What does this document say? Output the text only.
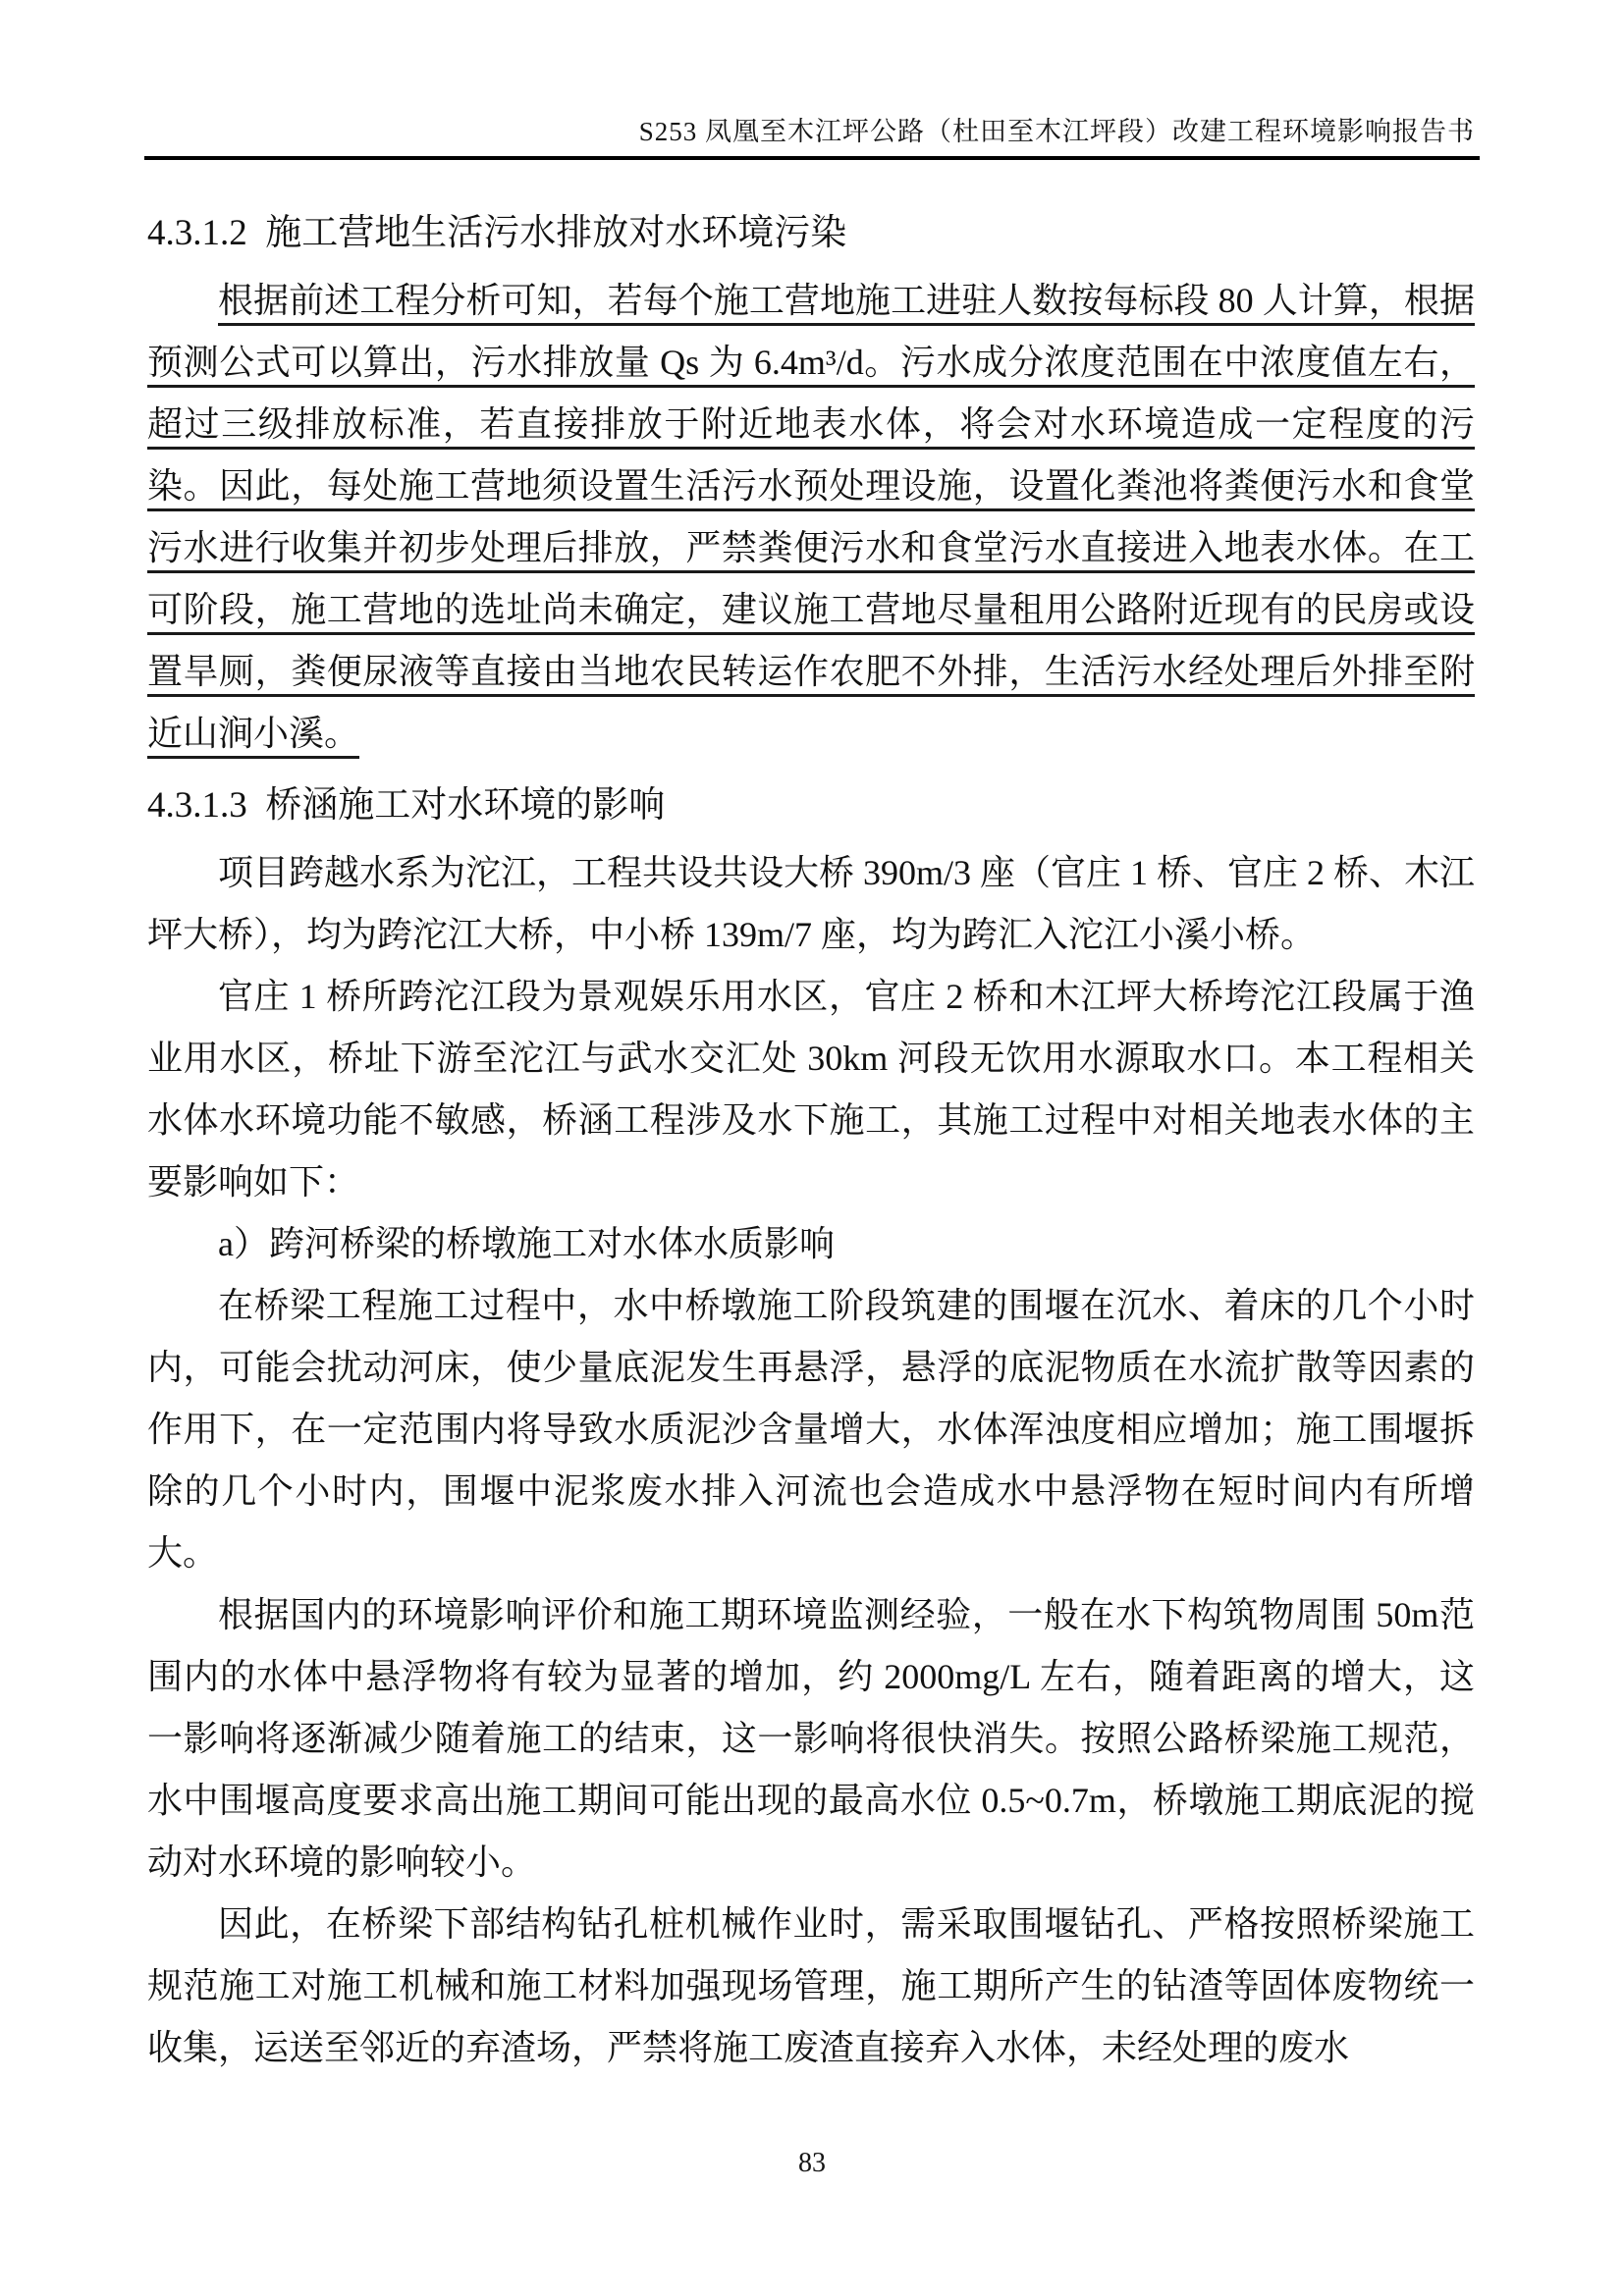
S253 凤凰至木江坪公路（杜田至木江坪段）改建工程环境影响报告书
4.3.1.2  施工营地生活污水排放对水环境污染

根据前述工程分析可知，若每个施工营地施工进驻人数按每标段 80 人计算，根据预测公式可以算出，污水排放量 Qs 为 6.4m³/d。污水成分浓度范围在中浓度值左右，超过三级排放标准，若直接排放于附近地表水体，将会对水环境造成一定程度的污染。因此，每处施工营地须设置生活污水预处理设施，设置化粪池将粪便污水和食堂污水进行收集并初步处理后排放，严禁粪便污水和食堂污水直接进入地表水体。在工可阶段，施工营地的选址尚未确定，建议施工营地尽量租用公路附近现有的民房或设置旱厕，粪便尿液等直接由当地农民转运作农肥不外排，生活污水经处理后外排至附近山涧小溪。

4.3.1.3  桥涵施工对水环境的影响

项目跨越水系为沱江，工程共设共设大桥 390m/3 座（官庄 1 桥、官庄 2 桥、木江坪大桥），均为跨沱江大桥，中小桥 139m/7 座，均为跨汇入沱江小溪小桥。

官庄 1 桥所跨沱江段为景观娱乐用水区，官庄 2 桥和木江坪大桥垮沱江段属于渔业用水区，桥址下游至沱江与武水交汇处 30km 河段无饮用水源取水口。本工程相关水体水环境功能不敏感，桥涵工程涉及水下施工，其施工过程中对相关地表水体的主要影响如下：

a）跨河桥梁的桥墩施工对水体水质影响

在桥梁工程施工过程中，水中桥墩施工阶段筑建的围堰在沉水、着床的几个小时内，可能会扰动河床，使少量底泥发生再悬浮，悬浮的底泥物质在水流扩散等因素的作用下，在一定范围内将导致水质泥沙含量增大，水体浑浊度相应增加；施工围堰拆除的几个小时内，围堰中泥浆废水排入河流也会造成水中悬浮物在短时间内有所增大。

根据国内的环境影响评价和施工期环境监测经验，一般在水下构筑物周围 50m范围内的水体中悬浮物将有较为显著的增加，约 2000mg/L 左右，随着距离的增大，这一影响将逐渐减少随着施工的结束，这一影响将很快消失。按照公路桥梁施工规范，水中围堰高度要求高出施工期间可能出现的最高水位 0.5~0.7m，桥墩施工期底泥的搅动对水环境的影响较小。

因此，在桥梁下部结构钻孔桩机械作业时，需采取围堰钻孔、严格按照桥梁施工规范施工对施工机械和施工材料加强现场管理，施工期所产生的钻渣等固体废物统一收集，运送至邻近的弃渣场，严禁将施工废渣直接弃入水体，未经处理的废水

83
